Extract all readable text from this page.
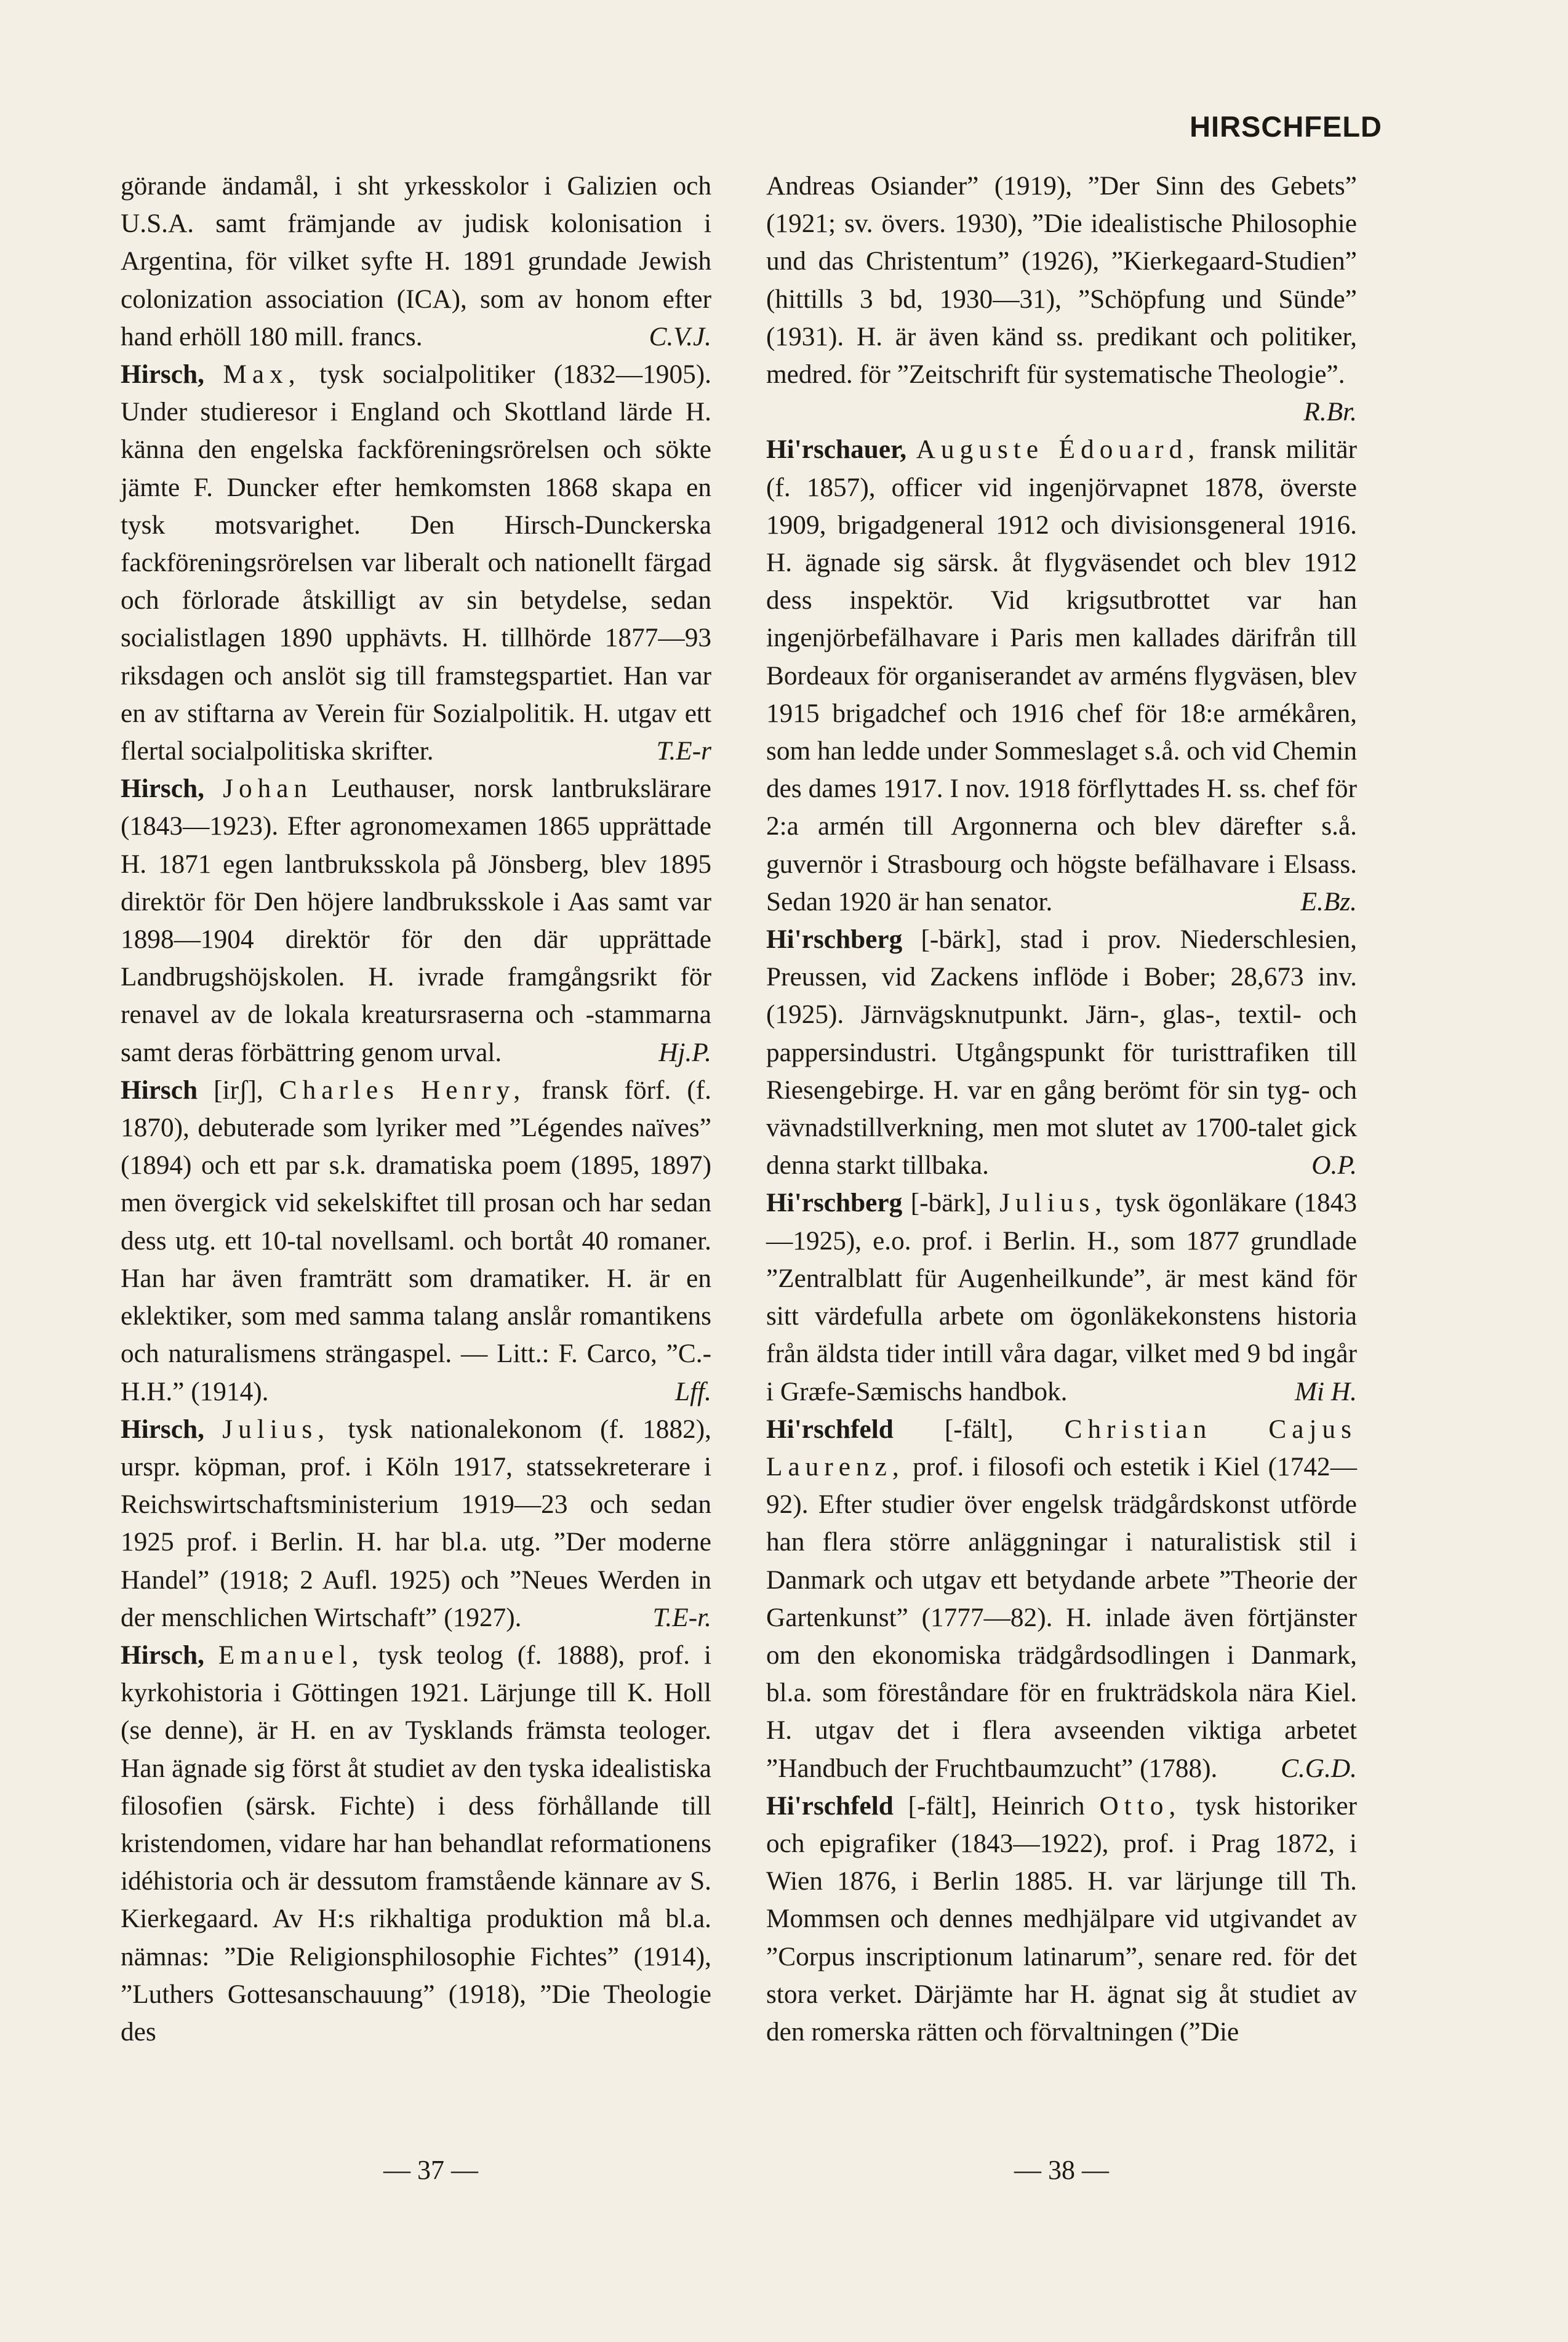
HIRSCHFELD

görande ändamål, i sht yrkesskolor i Galizien och U.S.A. samt främjande av judisk kolonisation i Argentina, för vilket syfte H. 1891 grundade Jewish colonization association (ICA), som av honom efter hand erhöll 180 mill. francs.	C.V.J.

Hirsch, Max, tysk socialpolitiker (1832—1905). Under studieresor i England och Skottland lärde H. känna den engelska fackföreningsrörelsen och sökte jämte F. Duncker efter hemkomsten 1868 skapa en tysk motsvarighet. Den Hirsch-Dunckerska fackföreningsrörelsen var liberalt och nationellt färgad och förlorade åtskilligt av sin betydelse, sedan socialistlagen 1890 upphävts. H. tillhörde 1877—93 riksdagen och anslöt sig till framstegspartiet. Han var en av stiftarna av Verein für Sozialpolitik. H. utgav ett flertal socialpolitiska skrifter.	T.E-r

Hirsch, Johan Leuthauser, norsk lantbrukslärare (1843—1923). Efter agronomexamen 1865 upprättade H. 1871 egen lantbruksskola på Jönsberg, blev 1895 direktör för Den höjere landbruksskole i Aas samt var 1898—1904 direktör för den där upprättade Landbrugshöjskolen. H. ivrade framgångsrikt för renavel av de lokala kreatursraserna och -stammarna samt deras förbättring genom urval.	Hj.P.

Hirsch [irʃ], Charles Henry, fransk förf. (f. 1870), debuterade som lyriker med ”Légendes naïves” (1894) och ett par s.k. dramatiska poem (1895, 1897) men övergick vid sekelskiftet till prosan och har sedan dess utg. ett 10-tal novellsaml. och bortåt 40 romaner. Han har även framträtt som dramatiker. H. är en eklektiker, som med samma talang anslår romantikens och naturalismens strängaspel. — Litt.: F. Carco, ”C.-H.H.” (1914).	Lff.

Hirsch, Julius, tysk nationalekonom (f. 1882), urspr. köpman, prof. i Köln 1917, statssekreterare i Reichswirtschaftsministerium 1919—23 och sedan 1925 prof. i Berlin. H. har bl.a. utg. ”Der moderne Handel” (1918; 2 Aufl. 1925) och ”Neues Werden in der menschlichen Wirtschaft” (1927).	T.E-r.

Hirsch, Emanuel, tysk teolog (f. 1888), prof. i kyrkohistoria i Göttingen 1921. Lärjunge till K. Holl (se denne), är H. en av Tysklands främsta teologer. Han ägnade sig först åt studiet av den tyska idealistiska filosofien (särsk. Fichte) i dess förhållande till kristendomen, vidare har han behandlat reformationens idéhistoria och är dessutom framstående kännare av S. Kierkegaard. Av H:s rikhaltiga produktion må bl.a. nämnas: ”Die Religionsphilosophie Fichtes” (1914), ”Luthers Gottesanschauung” (1918), ”Die Theologie des

Andreas Osiander” (1919), ”Der Sinn des Gebets” (1921; sv. övers. 1930), ”Die idealistische Philosophie und das Christentum” (1926), ”Kierkegaard-Studien” (hittills 3 bd, 1930—31), ”Schöpfung und Sünde” (1931). H. är även känd ss. predikant och politiker, medred. för ”Zeitschrift für systematische Theologie”.
R.Br.

Hi'rschauer, Auguste Édouard, fransk militär (f. 1857), officer vid ingenjörvapnet 1878, överste 1909, brigadgeneral 1912 och divisionsgeneral 1916. H. ägnade sig särsk. åt flygväsendet och blev 1912 dess inspektör. Vid krigsutbrottet var han ingenjörbefälhavare i Paris men kallades därifrån till Bordeaux för organiserandet av arméns flygväsen, blev 1915 brigadchef och 1916 chef för 18:e armékåren, som han ledde under Sommeslaget s.å. och vid Chemin des dames 1917. I nov. 1918 förflyttades H. ss. chef för 2:a armén till Argonnerna och blev därefter s.å. guvernör i Strasbourg och högste befälhavare i Elsass. Sedan 1920 är han senator.	E.Bz.

Hi'rschberg [-bärk], stad i prov. Niederschlesien, Preussen, vid Zackens inflöde i Bober; 28,673 inv. (1925). Järnvägsknutpunkt. Järn-, glas-, textil- och pappersindustri. Utgångspunkt för turisttrafiken till Riesengebirge. H. var en gång berömt för sin tyg- och vävnadstillverkning, men mot slutet av 1700-talet gick denna starkt tillbaka.	O.P.

Hi'rschberg [-bärk], Julius, tysk ögonläkare (1843—1925), e.o. prof. i Berlin. H., som 1877 grundlade ”Zentralblatt für Augenheilkunde”, är mest känd för sitt värdefulla arbete om ögonläkekonstens historia från äldsta tider intill våra dagar, vilket med 9 bd ingår i Græfe-Sæmischs handbok.	Mi H.

Hi'rschfeld [-fält], Christian Cajus Laurenz, prof. i filosofi och estetik i Kiel (1742—92). Efter studier över engelsk trädgårdskonst utförde han flera större anläggningar i naturalistisk stil i Danmark och utgav ett betydande arbete ”Theorie der Gartenkunst” (1777—82). H. inlade även förtjänster om den ekonomiska trädgårdsodlingen i Danmark, bl.a. som föreståndare för en frukträdskola nära Kiel. H. utgav det i flera avseenden viktiga arbetet ”Handbuch der Fruchtbaumzucht” (1788). C.G.D.

Hi'rschfeld [-fält], Heinrich Otto, tysk historiker och epigrafiker (1843—1922), prof. i Prag 1872, i Wien 1876, i Berlin 1885. H. var lärjunge till Th. Mommsen och dennes medhjälpare vid utgivandet av ”Corpus inscriptionum latinarum”, senare red. för det stora verket. Därjämte har H. ägnat sig åt studiet av den romerska rätten och förvaltningen (”Die

— 37 —	— 38 —
